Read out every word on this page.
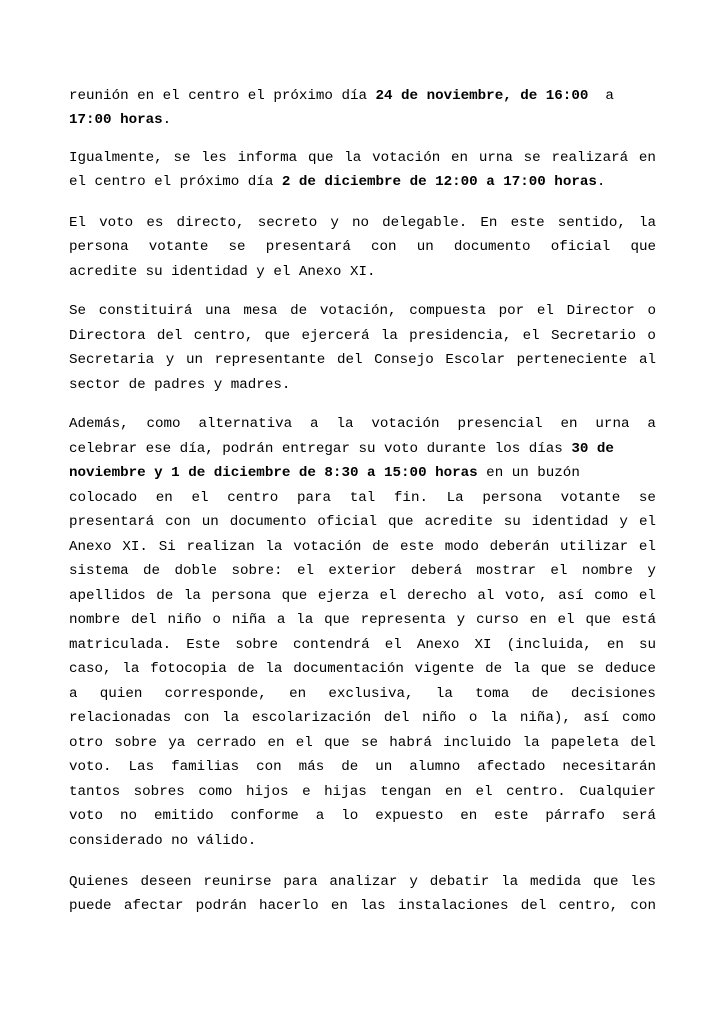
reunión en el centro el próximo día 24 de noviembre, de 16:00  a
17:00 horas.
Igualmente, se les informa que la votación en urna se realizará en
el centro el próximo día 2 de diciembre de 12:00 a 17:00 horas.
El voto es directo, secreto y no delegable. En este sentido, la
persona votante se presentará con un documento oficial que
acredite su identidad y el Anexo XI.
Se constituirá una mesa de votación, compuesta por el Director o
Directora del centro, que ejercerá la presidencia, el Secretario o
Secretaria y un representante del Consejo Escolar perteneciente al
sector de padres y madres.
Además, como alternativa a la votación presencial en urna a
celebrar ese día, podrán entregar su voto durante los días 30 de
noviembre y 1 de diciembre de 8:30 a 15:00 horas en un buzón
colocado en el centro para tal fin. La persona votante se
presentará con un documento oficial que acredite su identidad y el
Anexo XI. Si realizan la votación de este modo deberán utilizar el
sistema de doble sobre: el exterior deberá mostrar el nombre y
apellidos de la persona que ejerza el derecho al voto, así como el
nombre del niño o niña a la que representa y curso en el que está
matriculada. Este sobre contendrá el Anexo XI (incluida, en su
caso, la fotocopia de la documentación vigente de la que se deduce
a quien corresponde, en exclusiva, la toma de decisiones
relacionadas con la escolarización del niño o la niña), así como
otro sobre ya cerrado en el que se habrá incluido la papeleta del
voto. Las familias con más de un alumno afectado necesitarán
tantos sobres como hijos e hijas tengan en el centro. Cualquier
voto no emitido conforme a lo expuesto en este párrafo será
considerado no válido.
Quienes deseen reunirse para analizar y debatir la medida que les
puede afectar podrán hacerlo en las instalaciones del centro, con
